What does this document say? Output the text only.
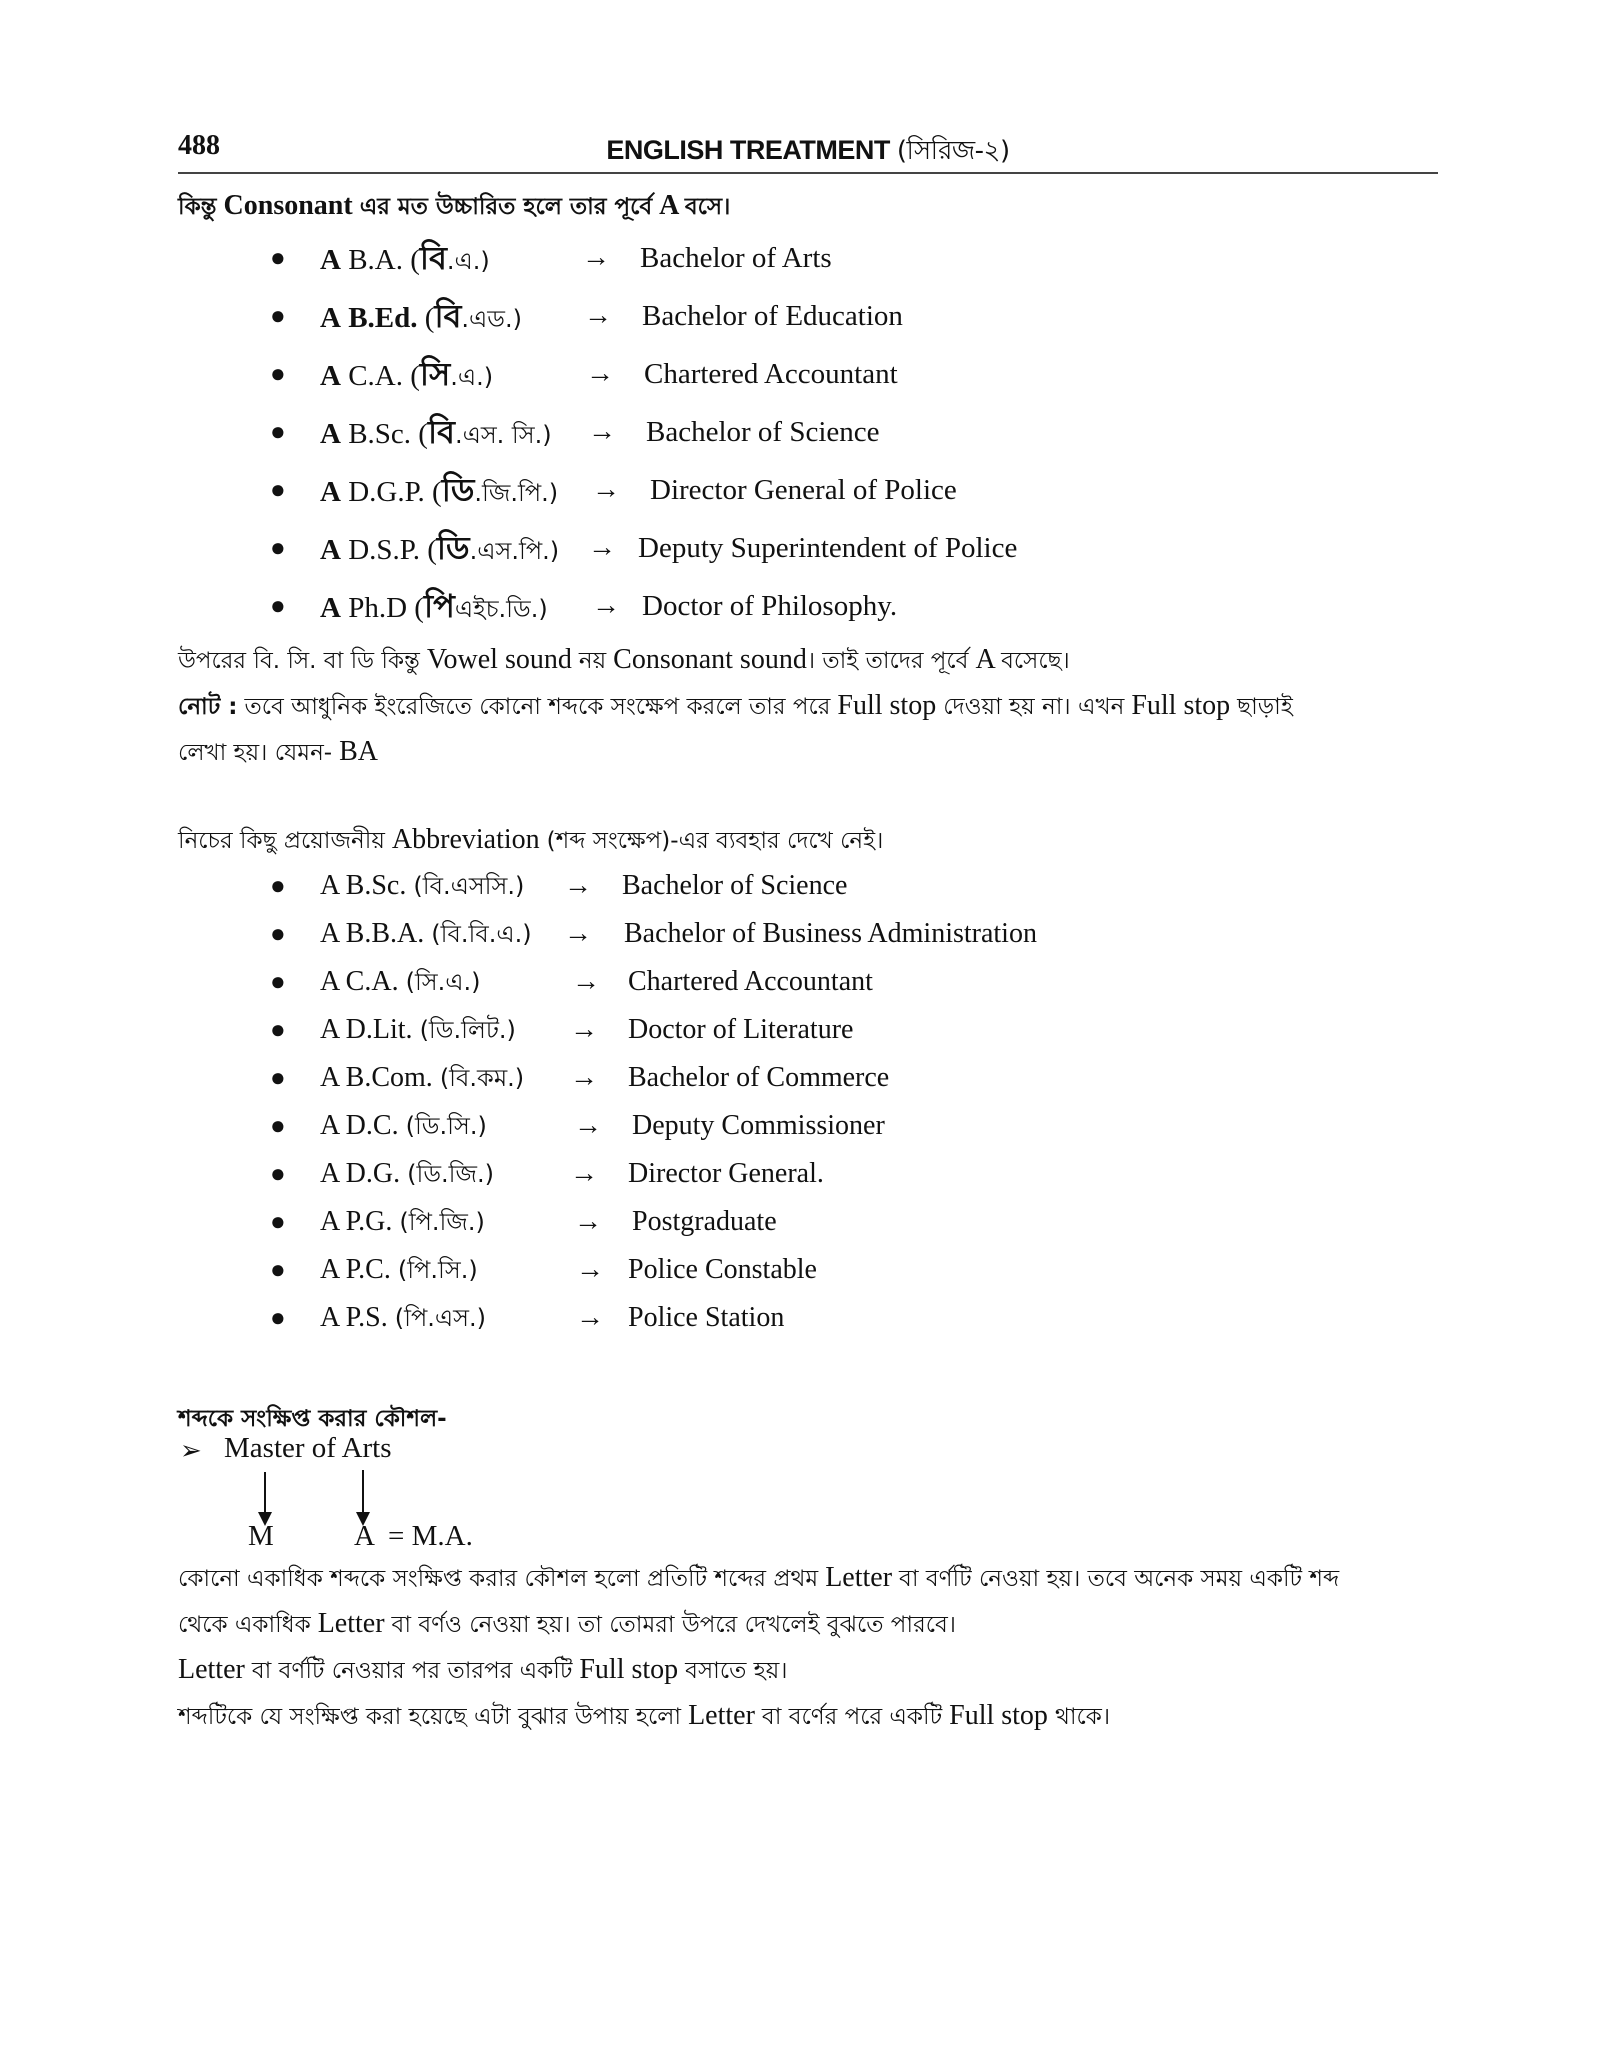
488	ENGLISH TREATMENT (সিরিজ-২)
কিন্তু Consonant এর মত উচ্চারিত হলে তার পূর্বে A বসে।
● A B.A. (বি.এ.)	→ Bachelor of Arts
● A B.Ed. (বি.এড.) → Bachelor of Education
● A C.A. (সি.এ.)	→ Chartered Accountant
● A B.Sc. (বি.এস. সি.) → Bachelor of Science
● A D.G.P. (ডি.জি.পি.) → Director General of Police
● A D.S.P. (ডি.এস.পি.) → Deputy Superintendent of Police
● A Ph.D (পিএইচ.ডি.) → Doctor of Philosophy.
উপরের বি. সি. বা ডি কিন্তু Vowel sound নয় Consonant sound। তাই তাদের পূর্বে A বসেছে।
নোট : তবে আধুনিক ইংরেজিতে কোনো শব্দকে সংক্ষেপ করলে তার পরে Full stop দেওয়া হয় না। এখন Full stop ছাড়াই
লেখা হয়। যেমন- BA
নিচের কিছু প্রয়োজনীয় Abbreviation (শব্দ সংক্ষেপ)-এর ব্যবহার দেখে নেই।
● A B.Sc. (বি.এসসি.) → Bachelor of Science
● A B.B.A. (বি.বি.এ.) → Bachelor of Business Administration
● A C.A. (সি.এ.)	→ Chartered Accountant
● A D.Lit. (ডি.লিট.) → Doctor of Literature
● A B.Com. (বি.কম.) → Bachelor of Commerce
● A D.C. (ডি.সি.)	→ Deputy Commissioner
● A D.G. (ডি.জি.)	→ Director General.
● A P.G. (পি.জি.)	→ Postgraduate
● A P.C. (পি.সি.)	→ Police Constable
● A P.S. (পি.এস.)	→ Police Station
শব্দকে সংক্ষিপ্ত করার কৌশল-
➢ Master of Arts
M	A = M.A.
কোনো একাধিক শব্দকে সংক্ষিপ্ত করার কৌশল হলো প্রতিটি শব্দের প্রথম Letter বা বর্ণটি নেওয়া হয়। তবে অনেক সময় একটি শব্দ
থেকে একাধিক Letter বা বর্ণও নেওয়া হয়। তা তোমরা উপরে দেখলেই বুঝতে পারবে।
Letter বা বর্ণটি নেওয়ার পর তারপর একটি Full stop বসাতে হয়।
শব্দটিকে যে সংক্ষিপ্ত করা হয়েছে এটা বুঝার উপায় হলো Letter বা বর্ণের পরে একটি Full stop থাকে।
